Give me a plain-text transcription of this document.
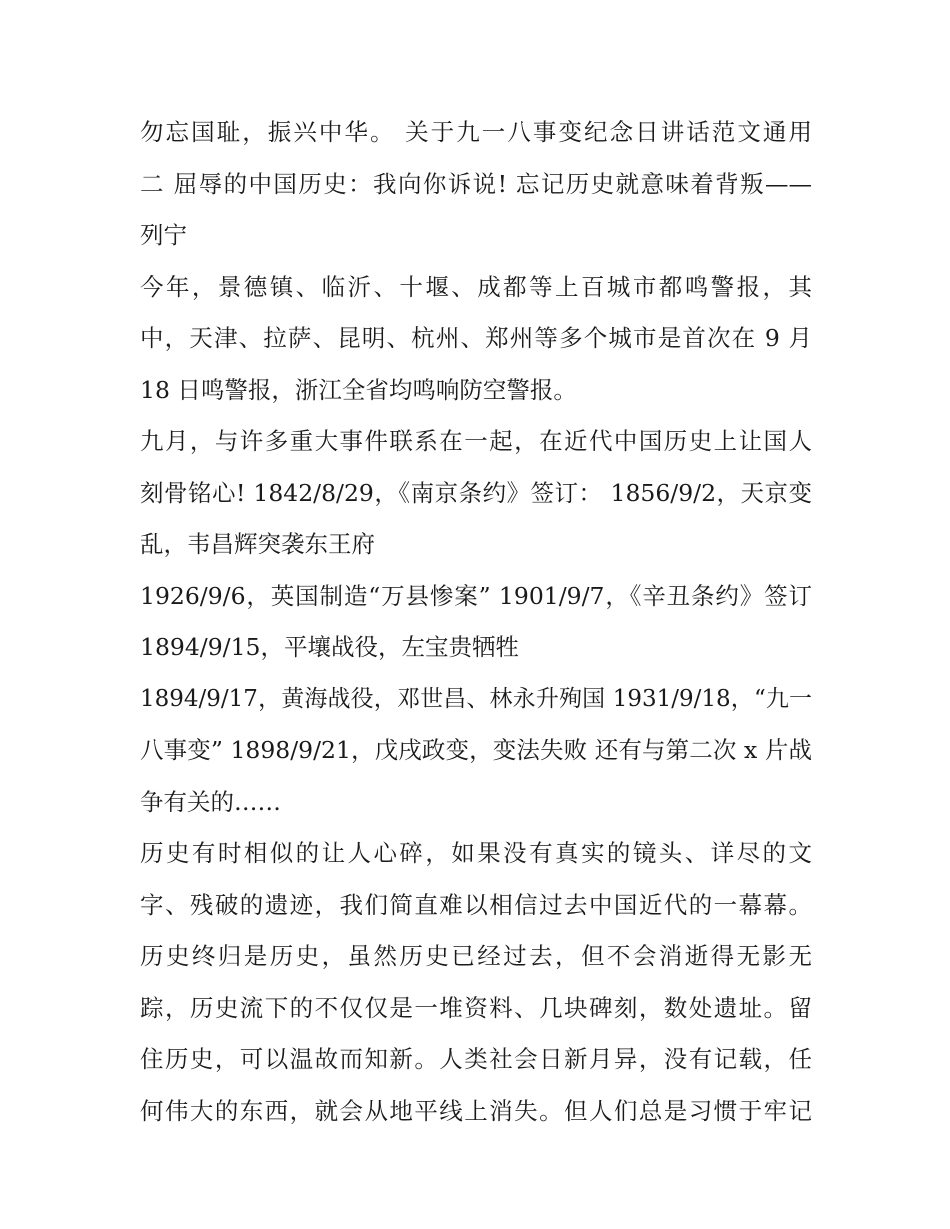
勿忘国耻，振兴中华。 关于九一八事变纪念日讲话范文通用
二 屈辱的中国历史：我向你诉说! 忘记历史就意味着背叛——
列宁
今年，景德镇、临沂、十堰、成都等上百城市都鸣警报，其
中，天津、拉萨、昆明、杭州、郑州等多个城市是首次在 9 月
18 日鸣警报，浙江全省均鸣响防空警报。
九月，与许多重大事件联系在一起，在近代中国历史上让国人
刻骨铭心! 1842/8/29，《南京条约》签订： 1856/9/2，天京变
乱，韦昌辉突袭东王府
1926/9/6，英国制造“万县惨案” 1901/9/7，《辛丑条约》签订
1894/9/15，平壤战役，左宝贵牺牲
1894/9/17，黄海战役，邓世昌、林永升殉国 1931/9/18，“九一
八事变” 1898/9/21，戊戌政变，变法失败 还有与第二次 x 片战
争有关的……
历史有时相似的让人心碎，如果没有真实的镜头、详尽的文
字、残破的遗迹，我们简直难以相信过去中国近代的一幕幕。
历史终归是历史，虽然历史已经过去，但不会消逝得无影无
踪，历史流下的不仅仅是一堆资料、几块碑刻，数处遗址。留
住历史，可以温故而知新。人类社会日新月异，没有记载，任
何伟大的东西，就会从地平线上消失。但人们总是习惯于牢记
